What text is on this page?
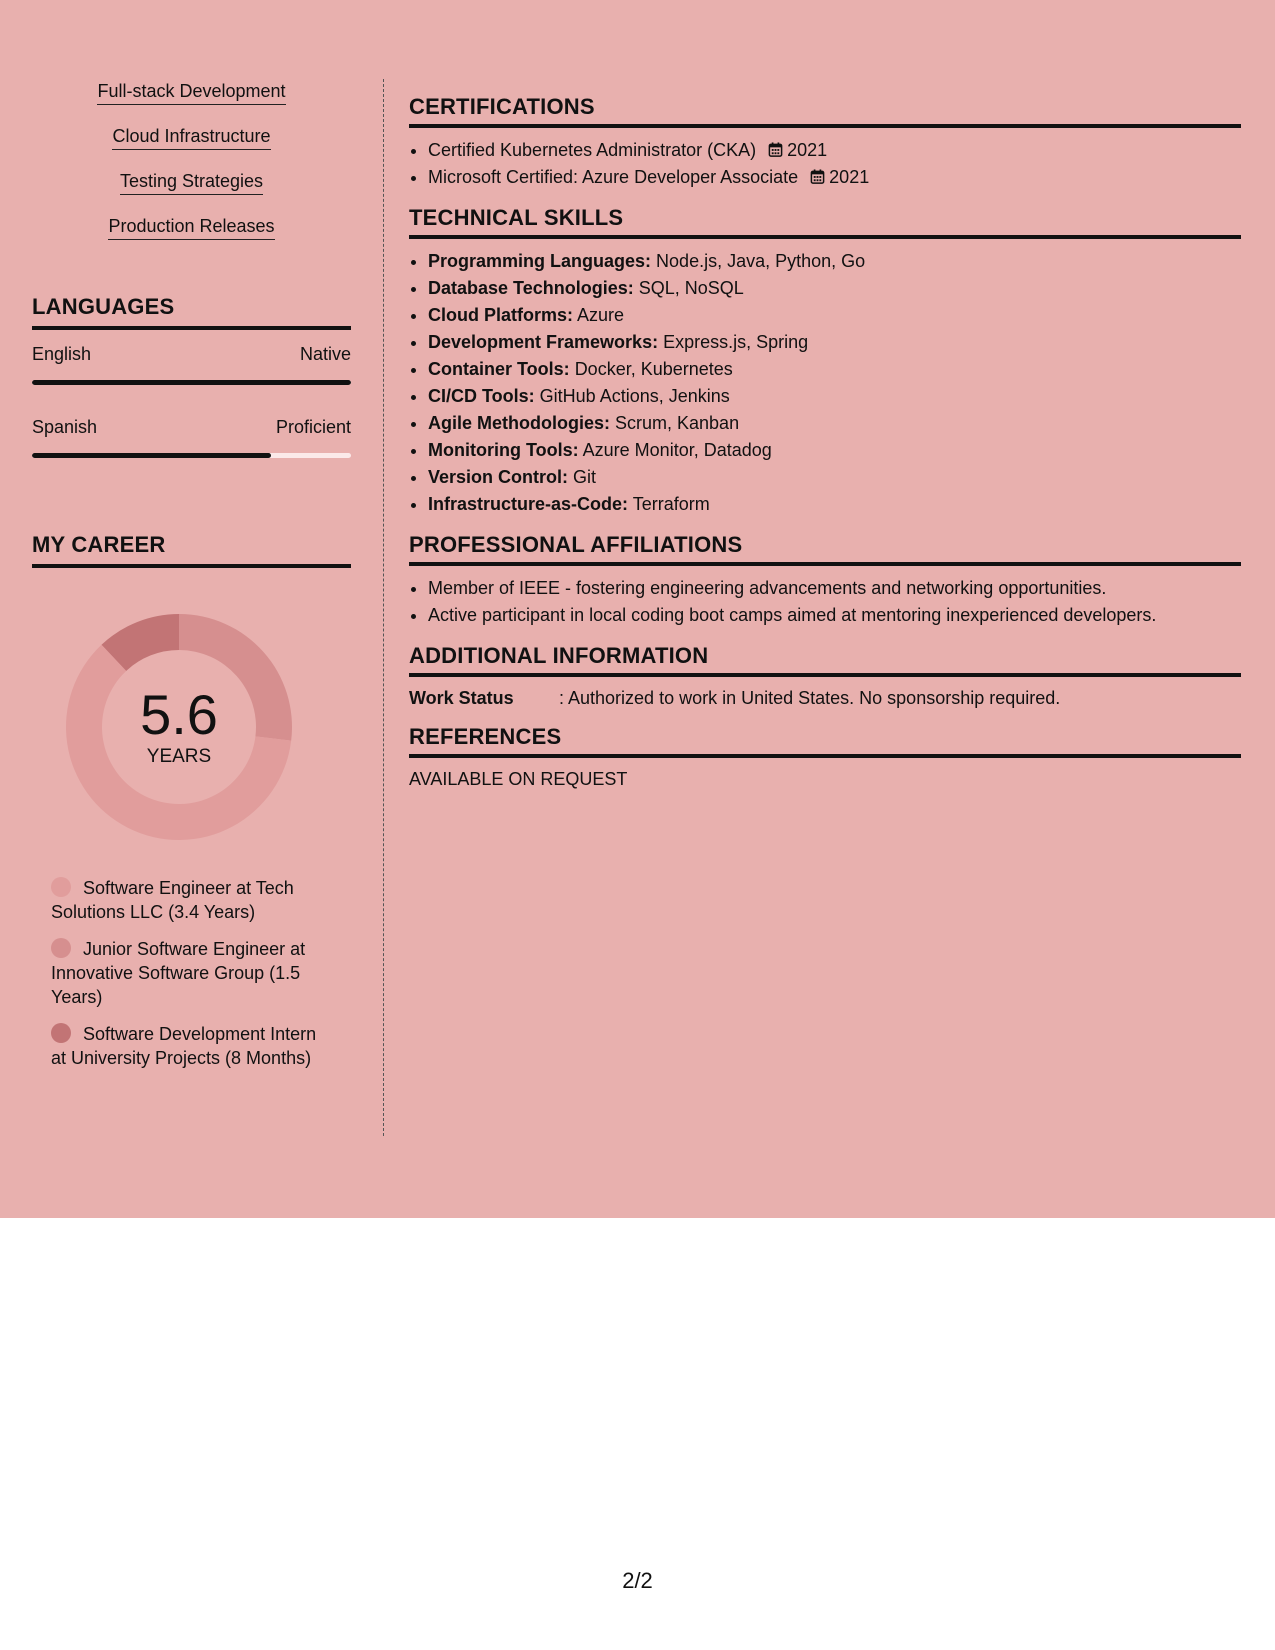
Full-stack Development
Cloud Infrastructure
Testing Strategies
Production Releases
LANGUAGES
English	Native
Spanish	Proficient
MY CAREER
5.6
YEARS
Software Engineer at Tech Solutions LLC (3.4 Years)
Junior Software Engineer at Innovative Software Group (1.5 Years)
Software Development Intern at University Projects (8 Months)
CERTIFICATIONS
• Certified Kubernetes Administrator (CKA) 2021
• Microsoft Certified: Azure Developer Associate 2021
TECHNICAL SKILLS
• Programming Languages: Node.js, Java, Python, Go
• Database Technologies: SQL, NoSQL
• Cloud Platforms: Azure
• Development Frameworks: Express.js, Spring
• Container Tools: Docker, Kubernetes
• CI/CD Tools: GitHub Actions, Jenkins
• Agile Methodologies: Scrum, Kanban
• Monitoring Tools: Azure Monitor, Datadog
• Version Control: Git
• Infrastructure-as-Code: Terraform
PROFESSIONAL AFFILIATIONS
• Member of IEEE - fostering engineering advancements and networking opportunities.
• Active participant in local coding boot camps aimed at mentoring inexperienced developers.
ADDITIONAL INFORMATION
Work Status	: Authorized to work in United States. No sponsorship required.
REFERENCES
AVAILABLE ON REQUEST
2/2
